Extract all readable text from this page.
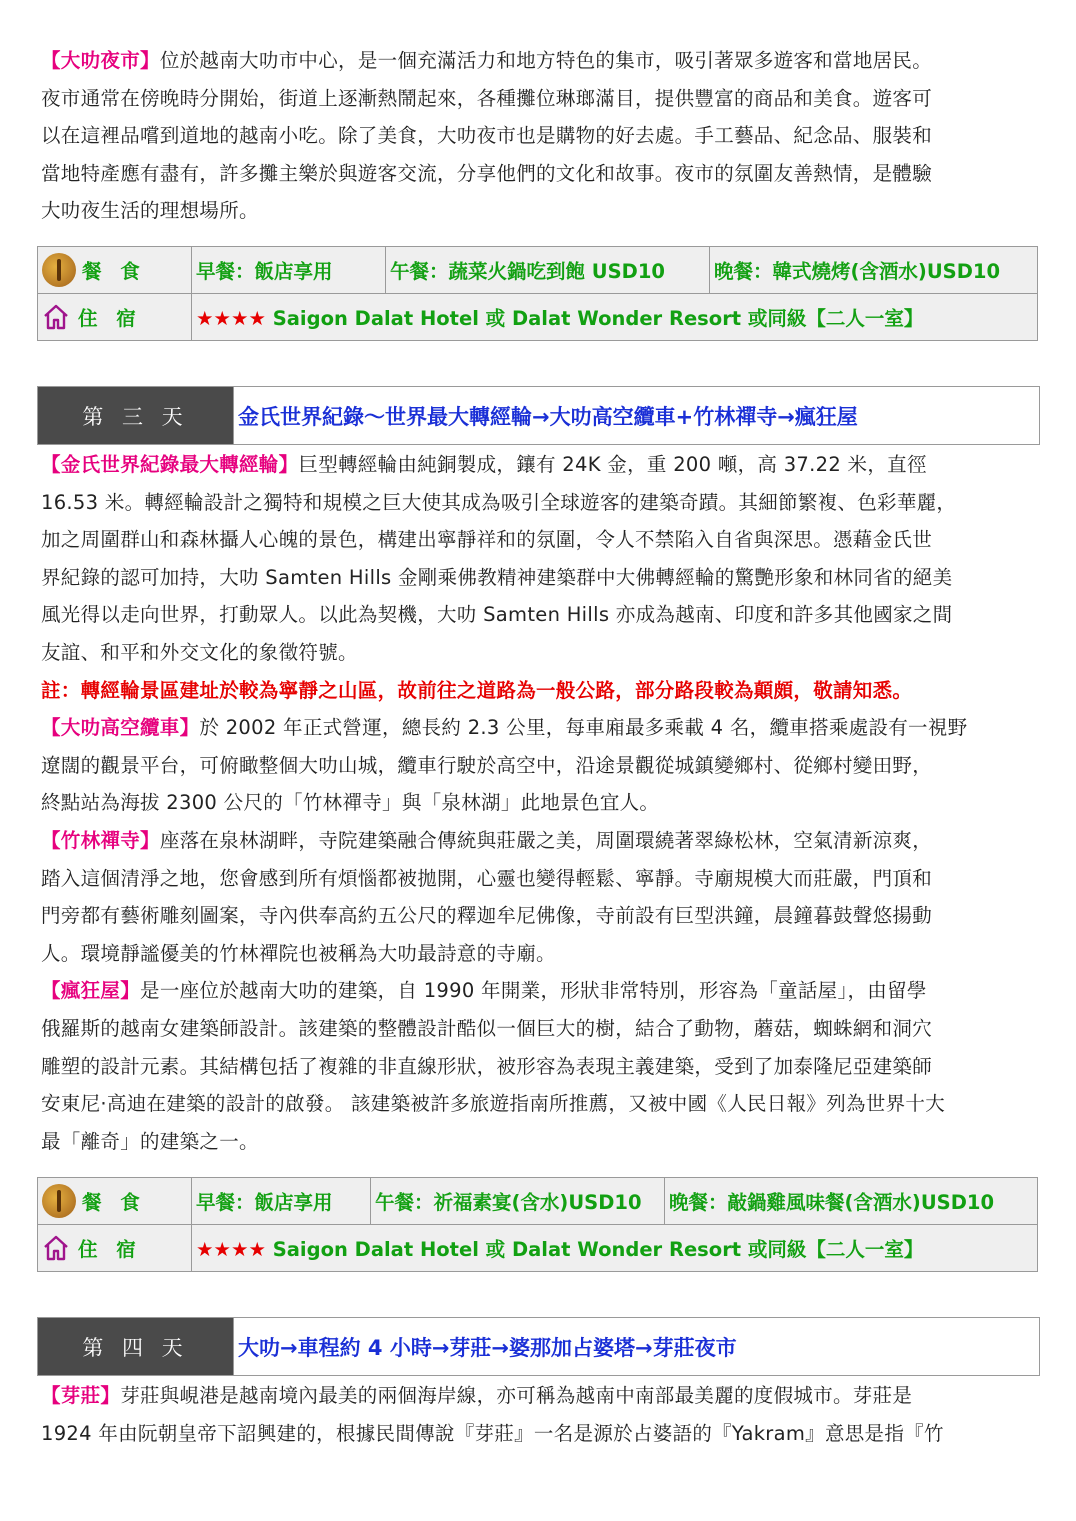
【大叻夜市】位於越南大叻市中心，是一個充滿活力和地方特色的集市，吸引著眾多遊客和當地居民。
夜市通常在傍晚時分開始，街道上逐漸熱鬧起來，各種攤位琳瑯滿目，提供豐富的商品和美食。遊客可
以在這裡品嚐到道地的越南小吃。除了美食，大叻夜市也是購物的好去處。手工藝品、紀念品、服裝和
當地特產應有盡有，許多攤主樂於與遊客交流，分享他們的文化和故事。夜市的氛圍友善熱情，是體驗
大叻夜生活的理想場所。
餐 食	早餐：飯店享用	午餐：蔬菜火鍋吃到飽 USD10	晚餐：韓式燒烤(含酒水)USD10
住 宿	★★★★ Saigon Dalat Hotel 或 Dalat Wonder Resort 或同級【二人一室】		
第 三 天	金氏世界紀錄～世界最大轉經輪→大叻高空纜車+竹林禪寺→瘋狂屋
【金氏世界紀錄最大轉經輪】巨型轉經輪由純銅製成，鑲有 24K 金，重 200 噸，高 37.22 米，直徑
16.53 米。轉經輪設計之獨特和規模之巨大使其成為吸引全球遊客的建築奇蹟。其細節繁複、色彩華麗，
加之周圍群山和森林攝人心魄的景色，構建出寧靜祥和的氛圍，令人不禁陷入自省與深思。憑藉金氏世
界紀錄的認可加持，大叻 Samten Hills 金剛乘佛教精神建築群中大佛轉經輪的驚艷形象和林同省的絕美
風光得以走向世界，打動眾人。以此為契機，大叻 Samten Hills 亦成為越南、印度和許多其他國家之間
友誼、和平和外交文化的象徵符號。
註：轉經輪景區建址於較為寧靜之山區，故前往之道路為一般公路，部分路段較為顛頗，敬請知悉。
【大叻高空纜車】於 2002 年正式營運，總長約 2.3 公里，每車廂最多乘載 4 名，纜車搭乘處設有一視野
遼闊的觀景平台，可俯瞰整個大叻山城，纜車行駛於高空中，沿途景觀從城鎮變鄉村、從鄉村變田野，
終點站為海拔 2300 公尺的「竹林禪寺」與「泉林湖」此地景色宜人。
【竹林禪寺】座落在泉林湖畔，寺院建築融合傳統與莊嚴之美，周圍環繞著翠綠松林，空氣清新涼爽，
踏入這個清淨之地，您會感到所有煩惱都被拋開，心靈也變得輕鬆、寧靜。寺廟規模大而莊嚴，門頂和
門旁都有藝術雕刻圖案，寺內供奉高約五公尺的釋迦牟尼佛像，寺前設有巨型洪鐘，晨鐘暮鼓聲悠揚動
人。環境靜謐優美的竹林禪院也被稱為大叻最詩意的寺廟。
【瘋狂屋】是一座位於越南大叻的建築，自 1990 年開業，形狀非常特別，形容為「童話屋」，由留學
俄羅斯的越南女建築師設計。該建築的整體設計酷似一個巨大的樹，結合了動物，蘑菇，蜘蛛網和洞穴
雕塑的設計元素。其結構包括了複雜的非直線形狀，被形容為表現主義建築，受到了加泰隆尼亞建築師
安東尼·高迪在建築的設計的啟發。 該建築被許多旅遊指南所推薦，又被中國《人民日報》列為世界十大
最「離奇」的建築之一。
餐 食	早餐：飯店享用	午餐：祈福素宴(含水)USD10	晚餐：敲鍋雞風味餐(含酒水)USD10
住 宿	★★★★ Saigon Dalat Hotel 或 Dalat Wonder Resort 或同級【二人一室】		
第 四 天	大叻→車程約 4 小時→芽莊→婆那加占婆塔→芽莊夜市
【芽莊】芽莊與峴港是越南境內最美的兩個海岸線，亦可稱為越南中南部最美麗的度假城市。芽莊是
1924 年由阮朝皇帝下詔興建的，根據民間傳說『芽莊』一名是源於占婆語的『Yakram』意思是指『竹
